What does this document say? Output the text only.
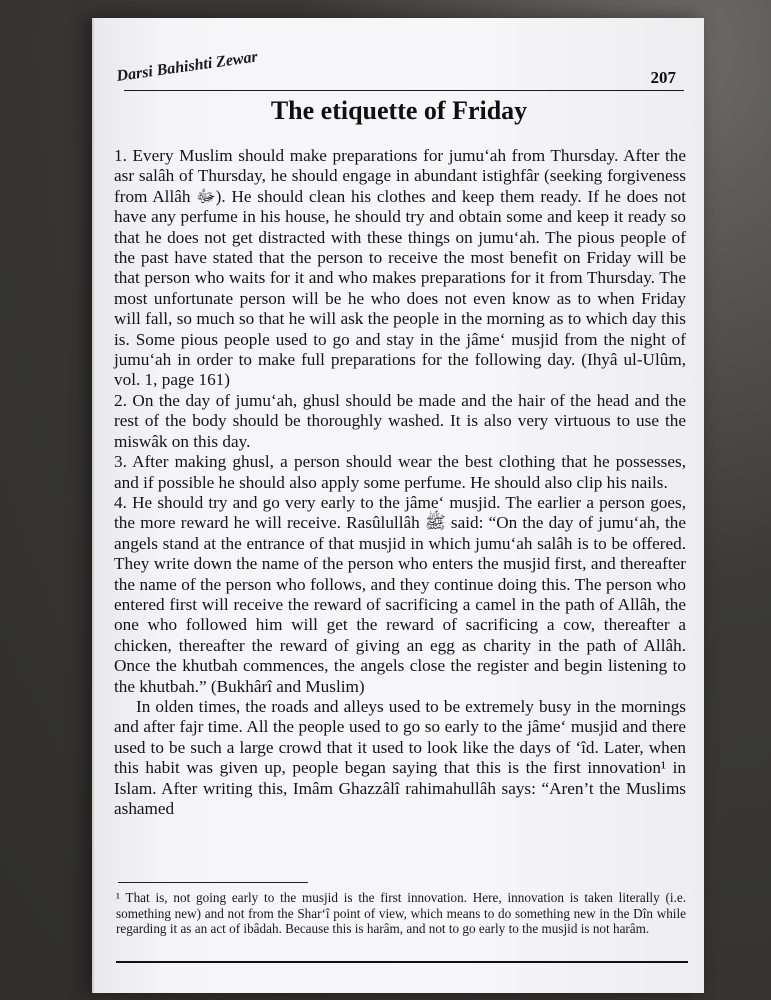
Darsi Bahishti Zewar	207
The etiquette of Friday

1. Every Muslim should make preparations for jumu‘ah from Thursday. After the asr salâh of Thursday, he should engage in abundant istighfâr (seeking forgiveness from Allâh ﷻ). He should clean his clothes and keep them ready. If he does not have any perfume in his house, he should try and obtain some and keep it ready so that he does not get distracted with these things on jumu‘ah. The pious people of the past have stated that the person to receive the most benefit on Friday will be that person who waits for it and who makes preparations for it from Thursday. The most unfortunate person will be he who does not even know as to when Friday will fall, so much so that he will ask the people in the morning as to which day this is. Some pious people used to go and stay in the jâme‘ musjid from the night of jumu‘ah in order to make full preparations for the following day. (Ihyâ ul-Ulûm, vol. 1, page 161)

2. On the day of jumu‘ah, ghusl should be made and the hair of the head and the rest of the body should be thoroughly washed. It is also very virtuous to use the miswâk on this day.

3. After making ghusl, a person should wear the best clothing that he possesses, and if possible he should also apply some perfume. He should also clip his nails.

4. He should try and go very early to the jâme‘ musjid. The earlier a person goes, the more reward he will receive. Rasûlullâh ﷺ said: “On the day of jumu‘ah, the angels stand at the entrance of that musjid in which jumu‘ah salâh is to be offered. They write down the name of the person who enters the musjid first, and thereafter the name of the person who follows, and they continue doing this. The person who entered first will receive the reward of sacrificing a camel in the path of Allâh, the one who followed him will get the reward of sacrificing a cow, thereafter a chicken, thereafter the reward of giving an egg as charity in the path of Allâh. Once the khutbah commences, the angels close the register and begin listening to the khutbah.” (Bukhârî and Muslim)

In olden times, the roads and alleys used to be extremely busy in the mornings and after fajr time. All the people used to go so early to the jâme‘ musjid and there used to be such a large crowd that it used to look like the days of ‘îd. Later, when this habit was given up, people began saying that this is the first innovation¹ in Islam. After writing this, Imâm Ghazzâlî rahimahullâh says: “Aren’t the Muslims ashamed

¹ That is, not going early to the musjid is the first innovation. Here, innovation is taken literally (i.e. something new) and not from the Shar‘î point of view, which means to do something new in the Dîn while regarding it as an act of ibâdah. Because this is harâm, and not to go early to the musjid is not harâm.
